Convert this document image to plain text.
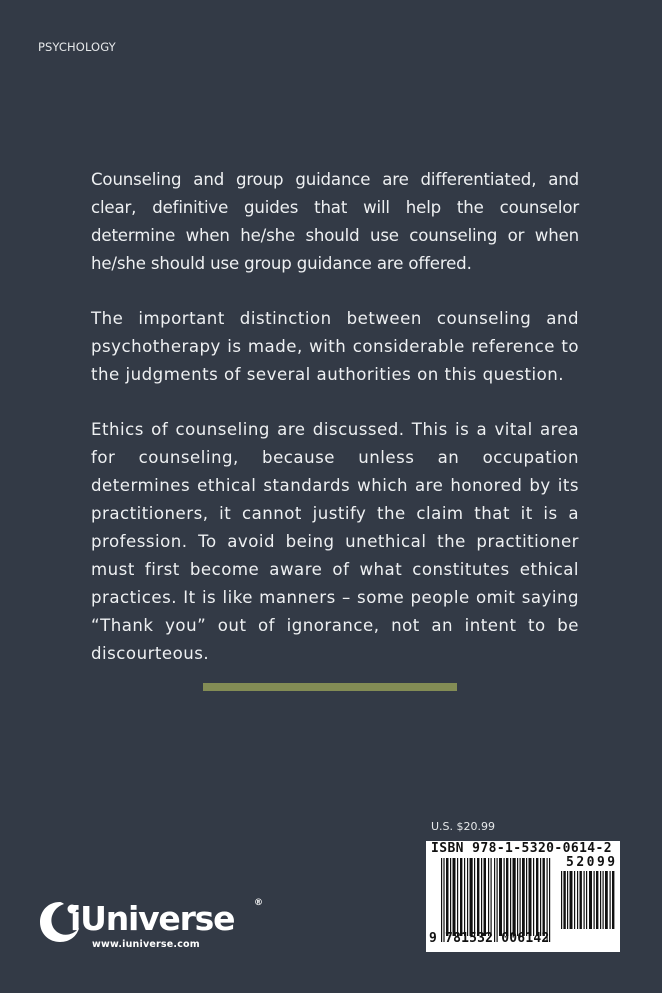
PSYCHOLOGY

Counseling and group guidance are differentiated, and clear, definitive guides that will help the counselor determine when he/she should use counseling or when he/she should use group guidance are offered.

The important distinction between counseling and psychotherapy is made, with considerable reference to the judgments of several authorities on this question.

Ethics of counseling are discussed. This is a vital area for counseling, because unless an occupation determines ethical standards which are honored by its practitioners, it cannot justify the claim that it is a profession. To avoid being unethical the practitioner must first become aware of what constitutes ethical practices. It is like manners – some people omit saying “Thank you” out of ignorance, not an intent to be discourteous.

U.S. $20.99
ISBN 978-1-5320-0614-2
52099
9 781532 006142
iUniverse ®
www.iuniverse.com
